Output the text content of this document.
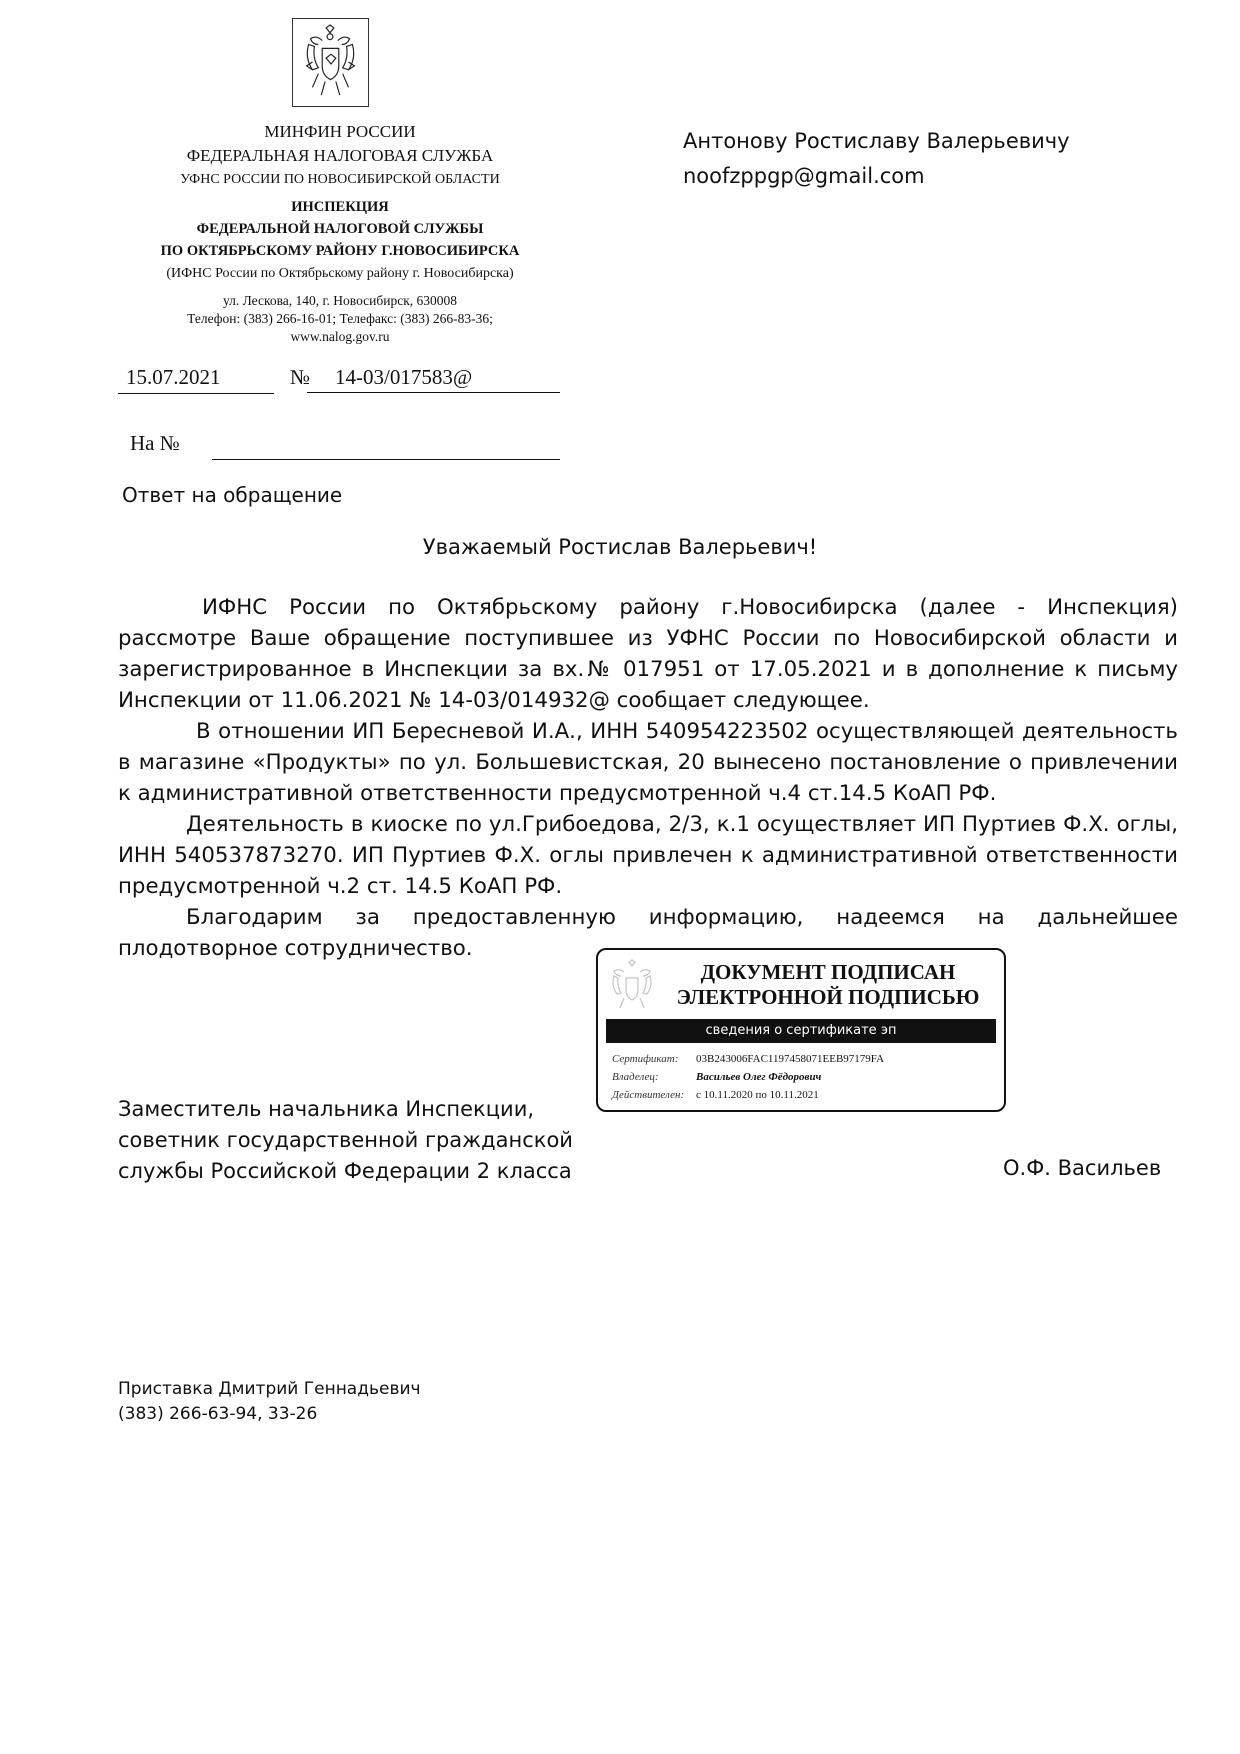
МИНФИН РОССИИ
ФЕДЕРАЛЬНАЯ НАЛОГОВАЯ СЛУЖБА
УФНС РОССИИ ПО НОВОСИБИРСКОЙ ОБЛАСТИ
ИНСПЕКЦИЯ
ФЕДЕРАЛЬНОЙ НАЛОГОВОЙ СЛУЖБЫ
ПО ОКТЯБРЬСКОМУ РАЙОНУ Г.НОВОСИБИРСКА
(ИФНС России по Октябрьскому району г. Новосибирска)
ул. Лескова, 140, г. Новосибирск, 630008
Телефон: (383) 266-16-01; Телефакс: (383) 266-83-36;
www.nalog.gov.ru
Антонову Ростиславу Валерьевичу
noofzppgp@gmail.com
15.07.2021	№	14-03/017583@
На №
Ответ на обращение
Уважаемый Ростислав Валерьевич!

ИФНС России по Октябрьскому району г.Новосибирска (далее - Инспекция) рассмотре Ваше обращение поступившее из УФНС России по Новосибирской области и зарегистрированное в Инспекции за вх.№ 017951 от 17.05.2021 и в дополнение к письму Инспекции от 11.06.2021 № 14-03/014932@ сообщает следующее.

В отношении ИП Бересневой И.А., ИНН 540954223502 осуществляющей деятельность в магазине «Продукты» по ул. Большевистская, 20 вынесено постановление о привлечении к административной ответственности предусмотренной ч.4 ст.14.5 КоАП РФ.

Деятельность в киоске по ул.Грибоедова, 2/3, к.1 осуществляет ИП Пуртиев Ф.Х. оглы, ИНН 540537873270. ИП Пуртиев Ф.Х. оглы привлечен к административной ответственности предусмотренной ч.2 ст. 14.5 КоАП РФ.

Благодарим за предоставленную информацию, надеемся на дальнейшее плодотворное сотрудничество.

ДОКУМЕНТ ПОДПИСАН
ЭЛЕКТРОННОЙ ПОДПИСЬЮ
сведения о сертификате эп
Сертификат: 03B243006FAC1197458071EEB97179FA
Владелец:	Васильев Олег Фёдорович
Действителен: с 10.11.2020 по 10.11.2021
Заместитель начальника Инспекции,
советник государственной гражданской
службы Российской Федерации 2 класса	О.Ф. Васильев
Приставка Дмитрий Геннадьевич
(383) 266-63-94, 33-26
